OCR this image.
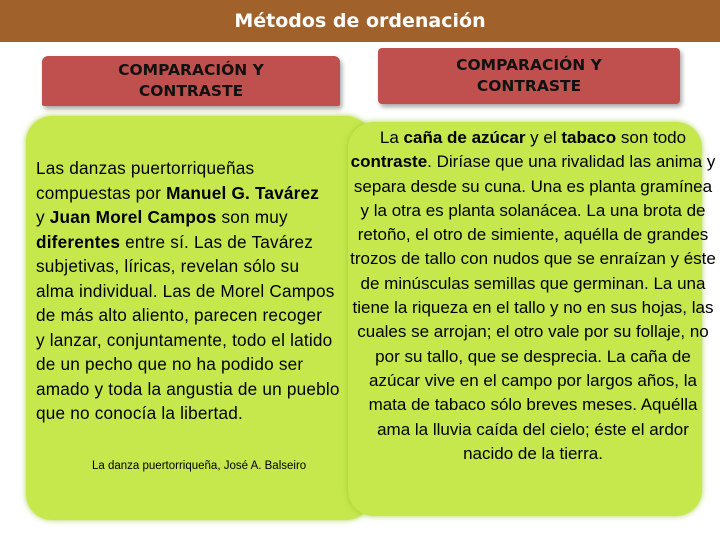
Métodos de ordenación
COMPARACIÓN Y
CONTRASTE
COMPARACIÓN Y
CONTRASTE
Las danzas puertorriqueñas
compuestas por Manuel G. Tavárez
y Juan Morel Campos son muy
diferentes entre sí. Las de Tavárez
subjetivas, líricas, revelan sólo su
alma individual. Las de Morel Campos
de más alto aliento, parecen recoger
y lanzar, conjuntamente, todo el latido
de un pecho que no ha podido ser
amado y toda la angustia de un pueblo
que no conocía la libertad.
La danza puertorriqueña, José A. Balseiro
La caña de azúcar y el tabaco son todo contraste. Diríase que una rivalidad las anima y separa desde su cuna. Una es planta gramínea y la otra es planta solanácea. La una brota de retoño, el otro de simiente, aquélla de grandes trozos de tallo con nudos que se enraízan y éste de minúsculas semillas que germinan. La una tiene la riqueza en el tallo y no en sus hojas, las cuales se arrojan; el otro vale por su follaje, no por su tallo, que se desprecia. La caña de azúcar vive en el campo por largos años, la mata de tabaco sólo breves meses. Aquélla ama la lluvia caída del cielo; éste el ardor nacido de la tierra.
